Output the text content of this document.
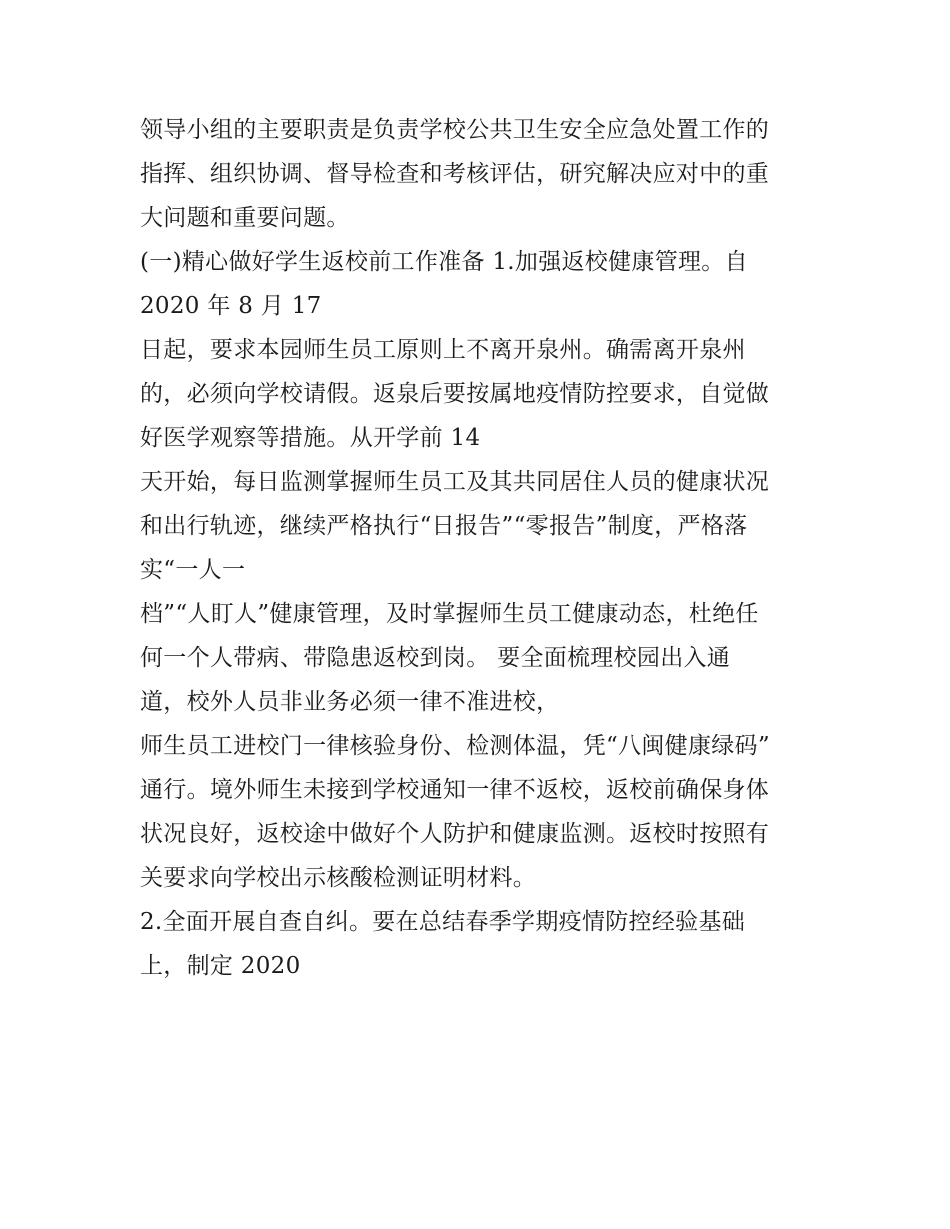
领导小组的主要职责是负责学校公共卫生安全应急处置工作的
指挥、组织协调、督导检查和考核评估，研究解决应对中的重
大问题和重要问题。
(一)精心做好学生返校前工作准备 1.加强返校健康管理。自
2020 年 8 月 17
日起，要求本园师生员工原则上不离开泉州。确需离开泉州
的，必须向学校请假。返泉后要按属地疫情防控要求，自觉做
好医学观察等措施。从开学前 14
天开始，每日监测掌握师生员工及其共同居住人员的健康状况
和出行轨迹，继续严格执行“日报告”“零报告”制度，严格落
实“一人一
档”“人盯人”健康管理，及时掌握师生员工健康动态，杜绝任
何一个人带病、带隐患返校到岗。 要全面梳理校园出入通
道，校外人员非业务必须一律不准进校，
师生员工进校门一律核验身份、检测体温，凭“八闽健康绿码”
通行。境外师生未接到学校通知一律不返校，返校前确保身体
状况良好，返校途中做好个人防护和健康监测。返校时按照有
关要求向学校出示核酸检测证明材料。
2.全面开展自查自纠。要在总结春季学期疫情防控经验基础
上，制定 2020
